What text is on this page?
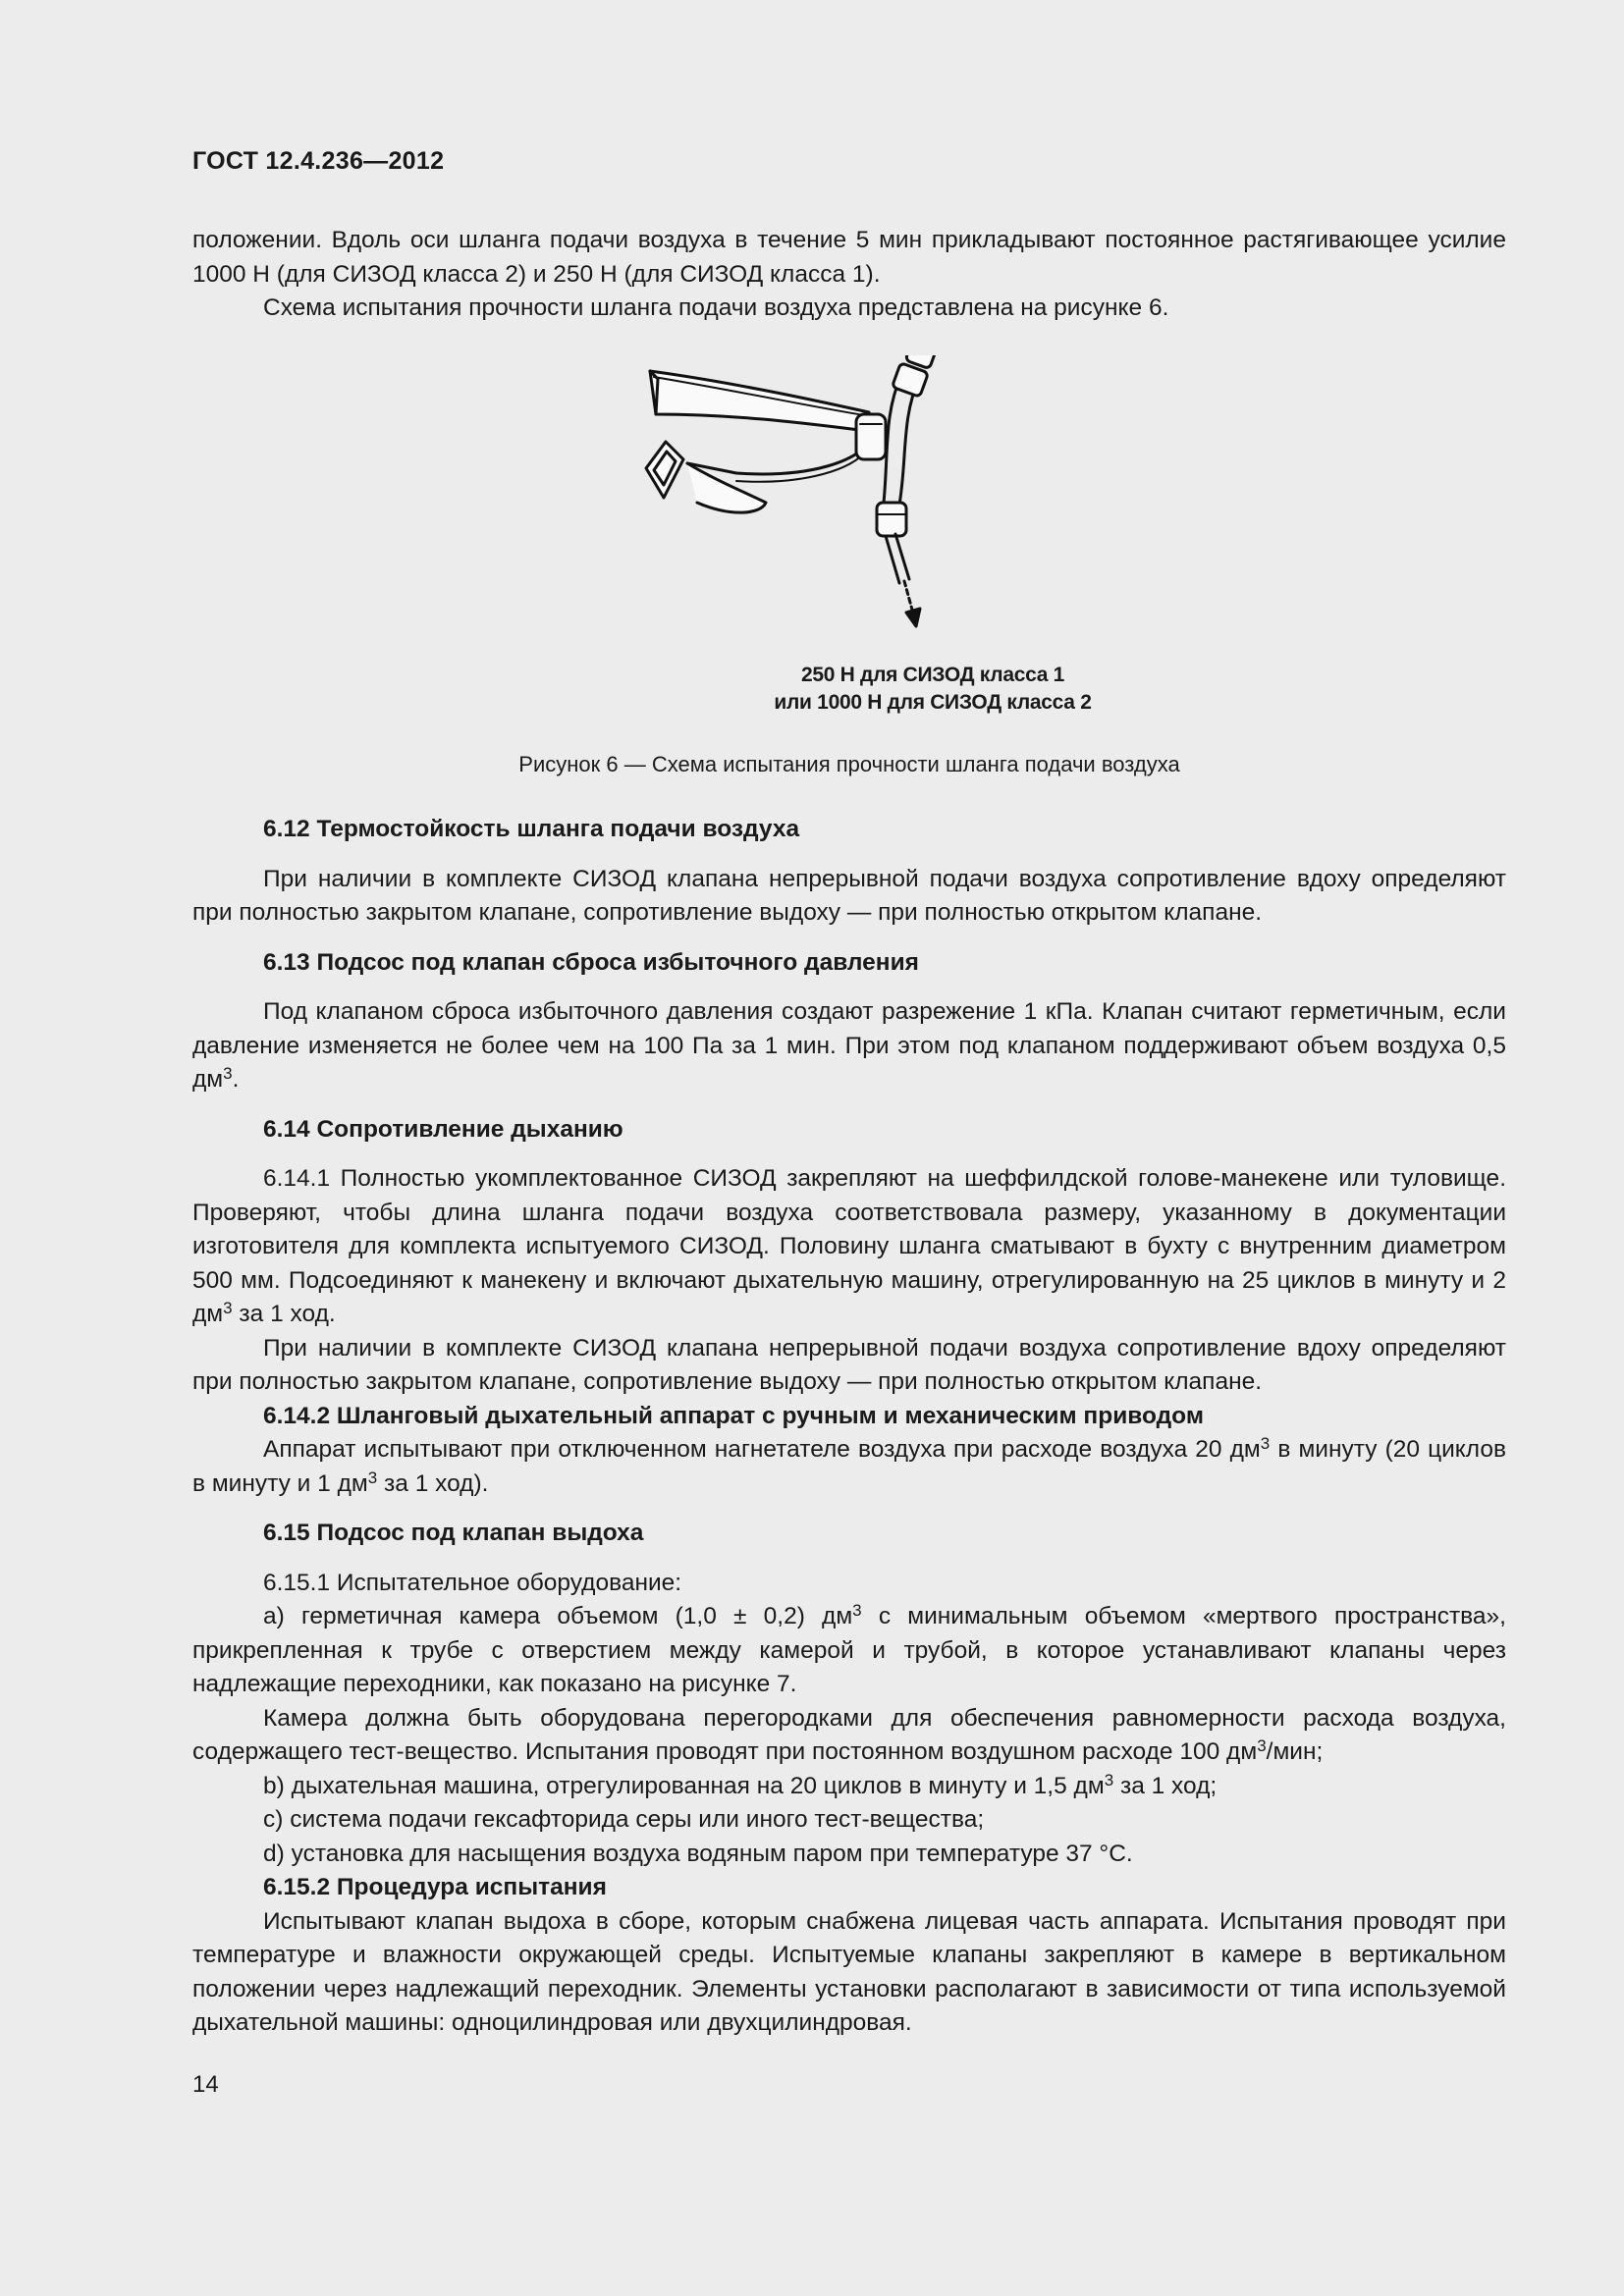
ГОСТ 12.4.236—2012

положении. Вдоль оси шланга подачи воздуха в течение 5 мин прикладывают постоянное растягивающее усилие 1000 Н (для СИЗОД класса 2) и 250 Н (для СИЗОД класса 1).

Схема испытания прочности шланга подачи воздуха представлена на рисунке 6.

250 Н для СИЗОД класса 1
или 1000 Н для СИЗОД класса 2
Рисунок 6 — Схема испытания прочности шланга подачи воздуха

6.12 Термостойкость шланга подачи воздуха

При наличии в комплекте СИЗОД клапана непрерывной подачи воздуха сопротивление вдоху определяют при полностью закрытом клапане, сопротивление выдоху — при полностью открытом клапане.

6.13 Подсос под клапан сброса избыточного давления

Под клапаном сброса избыточного давления создают разрежение 1 кПа. Клапан считают герметичным, если давление изменяется не более чем на 100 Па за 1 мин. При этом под клапаном поддерживают объем воздуха 0,5 $дм^3$.

6.14 Сопротивление дыханию

6.14.1 Полностью укомплектованное СИЗОД закрепляют на шеффилдской голове-манекене или туловище. Проверяют, чтобы длина шланга подачи воздуха соответствовала размеру, указанному в документации изготовителя для комплекта испытуемого СИЗОД. Половину шланга сматывают в бухту с внутренним диаметром 500 мм. Подсоединяют к манекену и включают дыхательную машину, отрегулированную на 25 циклов в минуту и 2 $дм^3$ за 1 ход.

При наличии в комплекте СИЗОД клапана непрерывной подачи воздуха сопротивление вдоху определяют при полностью закрытом клапане, сопротивление выдоху — при полностью открытом клапане.

6.14.2 Шланговый дыхательный аппарат с ручным и механическим приводом

Аппарат испытывают при отключенном нагнетателе воздуха при расходе воздуха 20 $дм^3$ в минуту (20 циклов в минуту и 1 $дм^3$ за 1 ход).

6.15 Подсос под клапан выдоха

6.15.1 Испытательное оборудование:

а) герметичная камера объемом (1,0 ± 0,2) $дм^3$ с минимальным объемом «мертвого пространства», прикрепленная к трубе с отверстием между камерой и трубой, в которое устанавливают клапаны через надлежащие переходники, как показано на рисунке 7.

Камера должна быть оборудована перегородками для обеспечения равномерности расхода воздуха, содержащего тест-вещество. Испытания проводят при постоянном воздушном расходе 100 $дм^3$/мин;

b) дыхательная машина, отрегулированная на 20 циклов в минуту и 1,5 $дм^3$ за 1 ход;

c) система подачи гексафторида серы или иного тест-вещества;

d) установка для насыщения воздуха водяным паром при температуре 37 °С.

6.15.2 Процедура испытания

Испытывают клапан выдоха в сборе, которым снабжена лицевая часть аппарата. Испытания проводят при температуре и влажности окружающей среды. Испытуемые клапаны закрепляют в камере в вертикальном положении через надлежащий переходник. Элементы установки располагают в зависимости от типа используемой дыхательной машины: одноцилиндровая или двухцилиндровая.

14
